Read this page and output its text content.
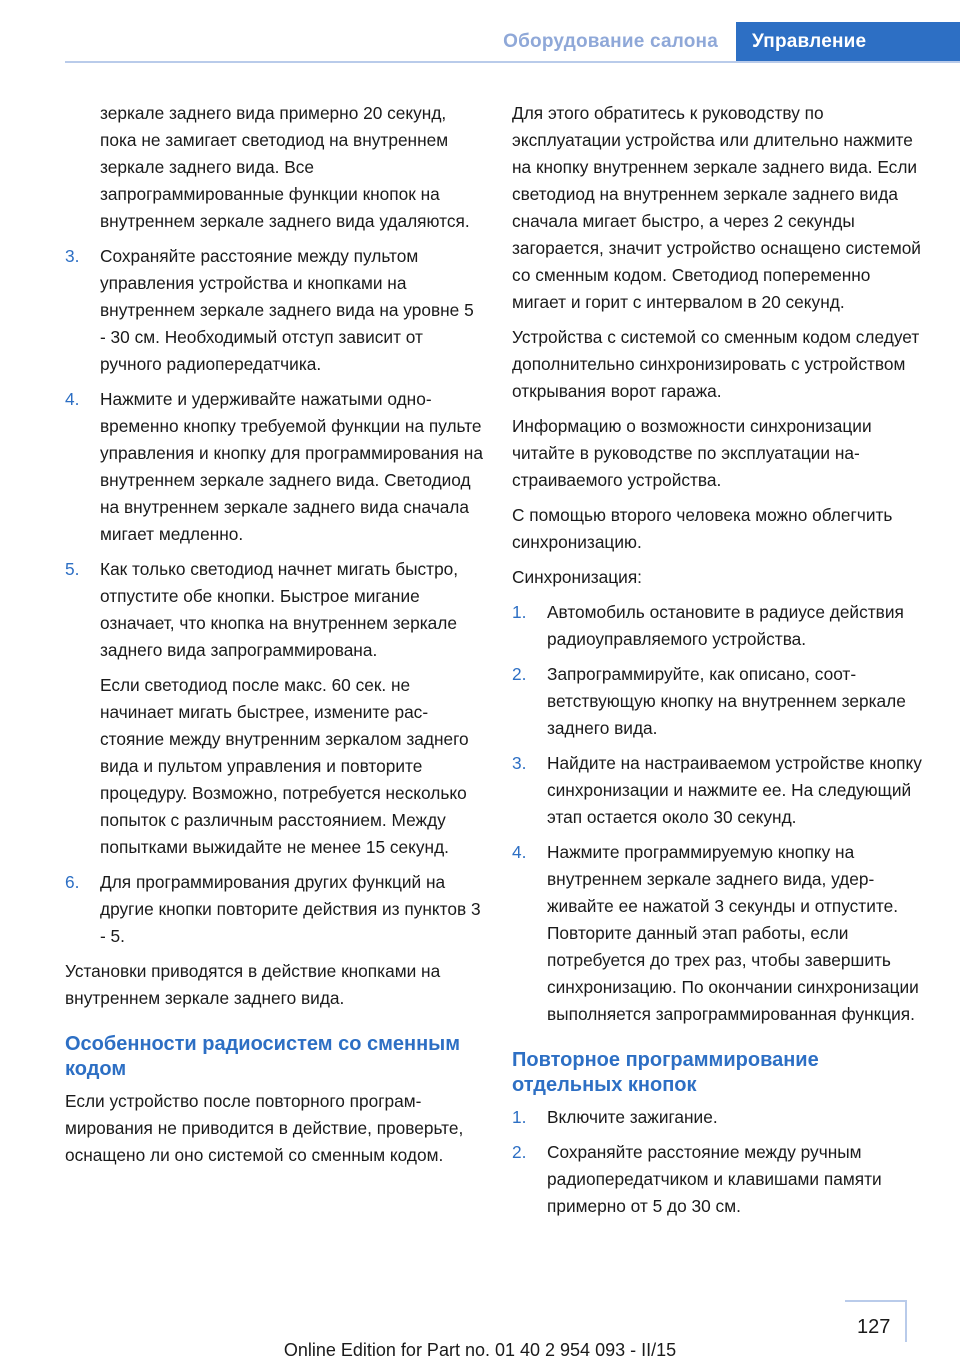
Оборудование салона	Управление

зеркале заднего вида примерно 20 секунд, пока не замигает светодиод на внутреннем зеркале заднего вида. Все запрограммированные функции кнопок на внутреннем зеркале заднего вида удаляются.

3.	Сохраняйте расстояние между пультом управления устройства и кнопками на внутреннем зеркале заднего вида на уровне 5 - 30 см. Необходимый отступ зависит от ручного радиопередатчика.
4.	Нажмите и удерживайте нажатыми одновременно кнопку требуемой функции на пульте управления и кнопку для программирования на внутреннем зеркале заднего вида. Светодиод на внутреннем зеркале заднего вида сначала мигает медленно.
5.	Как только светодиод начнет мигать быстро, отпустите обе кнопки. Быстрое мигание означает, что кнопка на внутреннем зеркале заднего вида запрограммирована.

Если светодиод после макс. 60 сек. не начинает мигать быстрее, измените расстояние между внутренним зеркалом заднего вида и пультом управления и повторите процедуру. Возможно, потребуется несколько попыток с различным расстоянием. Между попытками выжидайте не менее 15 секунд.

6.	Для программирования других функций на другие кнопки повторите действия из пунктов 3 - 5.

Установки приводятся в действие кнопками на внутреннем зеркале заднего вида.

Особенности радиосистем со сменным кодом

Если устройство после повторного программирования не приводится в действие, проверьте, оснащено ли оно системой со сменным кодом.

Для этого обратитесь к руководству по эксплуатации устройства или длительно нажмите на кнопку внутреннем зеркале заднего вида. Если светодиод на внутреннем зеркале заднего вида сначала мигает быстро, а через 2 секунды загорается, значит устройство оснащено системой со сменным кодом. Светодиод попеременно мигает и горит с интервалом в 20 секунд.

Устройства с системой со сменным кодом следует дополнительно синхронизировать с устройством открывания ворот гаража.

Информацию о возможности синхронизации читайте в руководстве по эксплуатации настраиваемого устройства.

С помощью второго человека можно облегчить синхронизацию.

Синхронизация:

1.	Автомобиль остановите в радиусе действия радиоуправляемого устройства.
2.	Запрограммируйте, как описано, соответствующую кнопку на внутреннем зеркале заднего вида.
3.	Найдите на настраиваемом устройстве кнопку синхронизации и нажмите ее. На следующий этап остается около 30 секунд.
4.	Нажмите программируемую кнопку на внутреннем зеркале заднего вида, удерживайте ее нажатой 3 секунды и отпустите. Повторите данный этап работы, если потребуется до трех раз, чтобы завершить синхронизацию. По окончании синхронизации выполняется запрограммированная функция.
Повторное программирование отдельных кнопок
1.	Включите зажигание.
2.	Сохраняйте расстояние между ручным радиопередатчиком и клавишами памяти примерно от 5 до 30 см.
127
Online Edition for Part no. 01 40 2 954 093 - II/15
